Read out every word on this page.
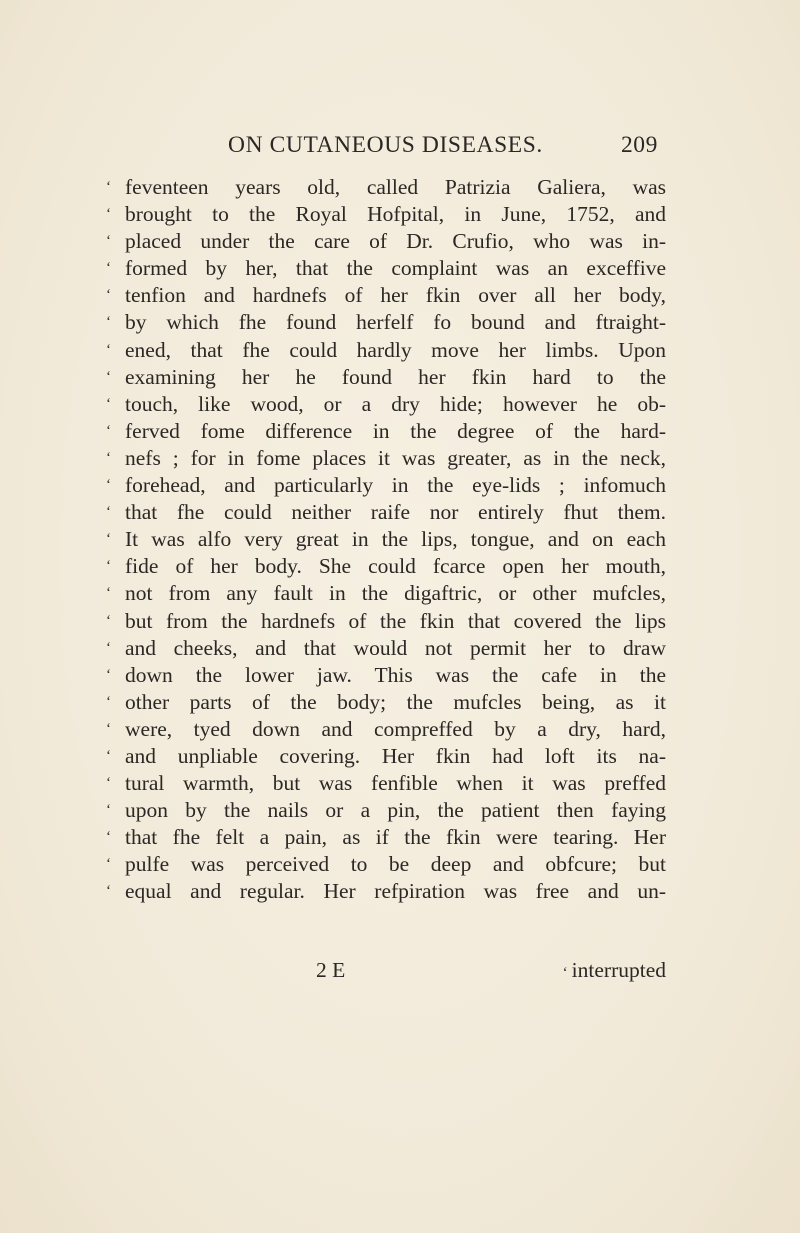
ON CUTANEOUS DISEASES.	209
‘ feventeen years old, called Patrizia Galiera, was
‘ brought to the Royal Hofpital, in June, 1752, and
‘ placed under the care of Dr. Crufio, who was in-
‘ formed by her, that the complaint was an exceffive
‘ tenfion and hardnefs of her fkin over all her body,
‘ by which fhe found herfelf fo bound and ftraight-
‘ ened, that fhe could hardly move her limbs. Upon
‘ examining her he found her fkin hard to the
‘ touch, like wood, or a dry hide; however he ob-
‘ ferved fome difference in the degree of the hard-
‘ nefs ; for in fome places it was greater, as in the neck,
‘ forehead, and particularly in the eye-lids ; infomuch
‘ that fhe could neither raife nor entirely fhut them.
‘ It was alfo very great in the lips, tongue, and on each
‘ fide of her body. She could fcarce open her mouth,
‘ not from any fault in the digaftric, or other mufcles,
‘ but from the hardnefs of the fkin that covered the lips
‘ and cheeks, and that would not permit her to draw
‘ down the lower jaw. This was the cafe in the
‘ other parts of the body; the mufcles being, as it
‘ were, tyed down and compreffed by a dry, hard,
‘ and unpliable covering. Her fkin had loft its na-
‘ tural warmth, but was fenfible when it was preffed
‘ upon by the nails or a pin, the patient then faying
‘ that fhe felt a pain, as if the fkin were tearing. Her
‘ pulfe was perceived to be deep and obfcure; but
‘ equal and regular. Her refpiration was free and un-
2 E	‘ interrupted
